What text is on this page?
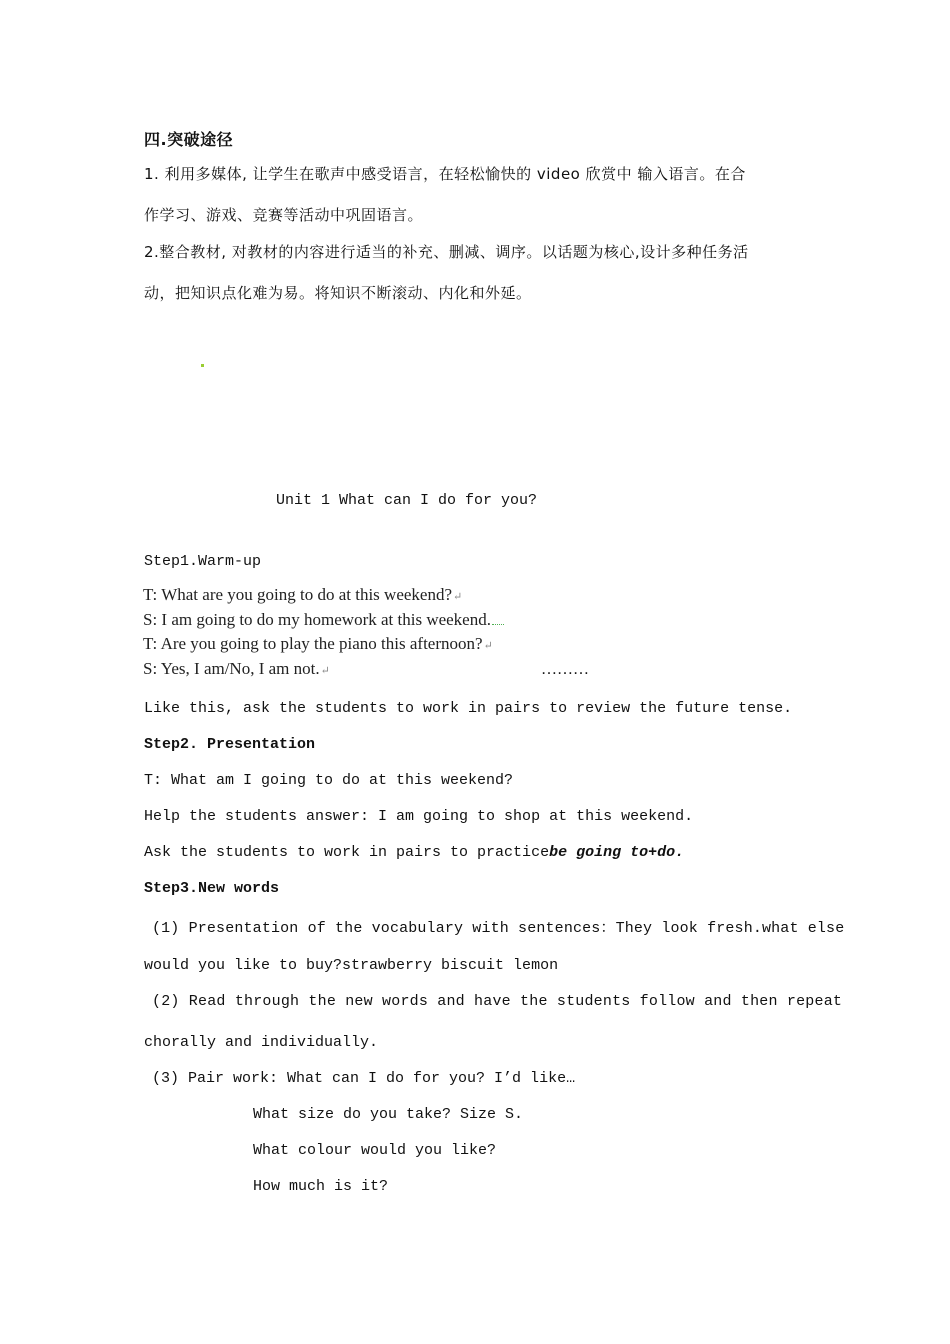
四.突破途径
1. 利用多媒体, 让学生在歌声中感受语言，在轻松愉快的 video 欣赏中 输入语言。在合
作学习、游戏、竞赛等活动中巩固语言。
2.整合教材, 对教材的内容进行适当的补充、删减、调序。以话题为核心,设计多种任务活
动，把知识点化难为易。将知识不断滚动、内化和外延。
Unit 1 What can I do for you?
Step1.Warm-up
T: What are you going to do at this weekend?↵
S: I am going to do my homework at this weekend.
T: Are you going to play the piano this afternoon?↵
S: Yes, I am/No, I am not.↵	………
Like this, ask the students to work in pairs to review the future tense.
Step2. Presentation
T: What am I going to do at this weekend?
Help the students answer: I am going to shop at this weekend.
Ask the students to work in pairs to practicebe going to+do.
Step3.New words
(1) Presentation of the vocabulary with sentences：They look fresh.what else
would you like to buy?strawberry biscuit lemon
(2) Read through the new words and have the students follow and then repeat
chorally and individually.
(3) Pair work: What can I do for you? I’d like…
What size do you take? Size S.
What colour would you like?
How much is it?
